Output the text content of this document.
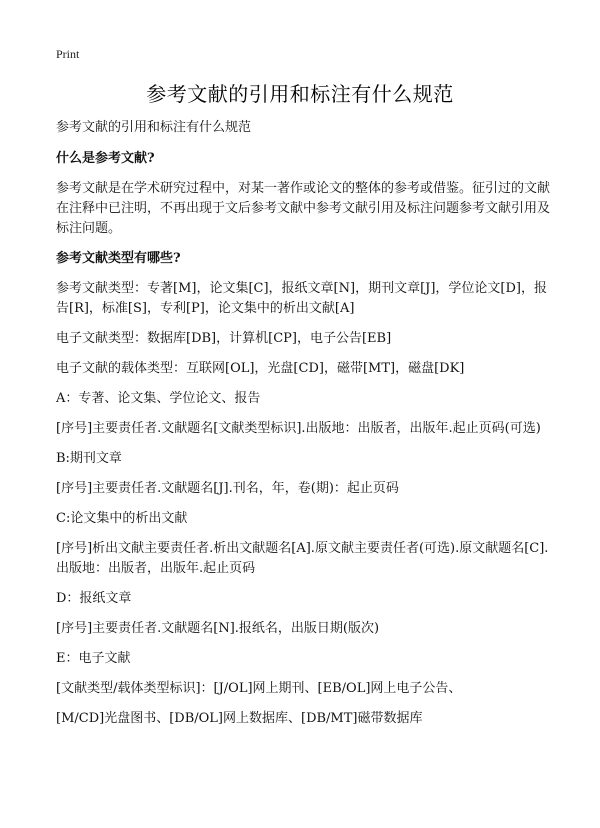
Print
参考文献的引用和标注有什么规范

参考文献的引用和标注有什么规范

什么是参考文献?

参考文献是在学术研究过程中，对某一著作或论文的整体的参考或借鉴。征引过的文献在注释中已注明，不再出现于文后参考文献中参考文献引用及标注问题参考文献引用及标注问题。

参考文献类型有哪些?

参考文献类型：专著[M]，论文集[C]，报纸文章[N]，期刊文章[J]，学位论文[D]，报告[R]，标准[S]，专利[P]，论文集中的析出文献[A]

电子文献类型：数据库[DB]，计算机[CP]，电子公告[EB]

电子文献的载体类型：互联网[OL]，光盘[CD]，磁带[MT]，磁盘[DK]

A：专著、论文集、学位论文、报告

[序号]主要责任者.文献题名[文献类型标识].出版地：出版者，出版年.起止页码(可选)

B:期刊文章

[序号]主要责任者.文献题名[J].刊名，年，卷(期)：起止页码

C:论文集中的析出文献

[序号]析出文献主要责任者.析出文献题名[A].原文献主要责任者(可选).原文献题名[C].出版地：出版者，出版年.起止页码

D：报纸文章

[序号]主要责任者.文献题名[N].报纸名，出版日期(版次)

E：电子文献

[文献类型/载体类型标识]：[J/OL]网上期刊、[EB/OL]网上电子公告、

[M/CD]光盘图书、[DB/OL]网上数据库、[DB/MT]磁带数据库
